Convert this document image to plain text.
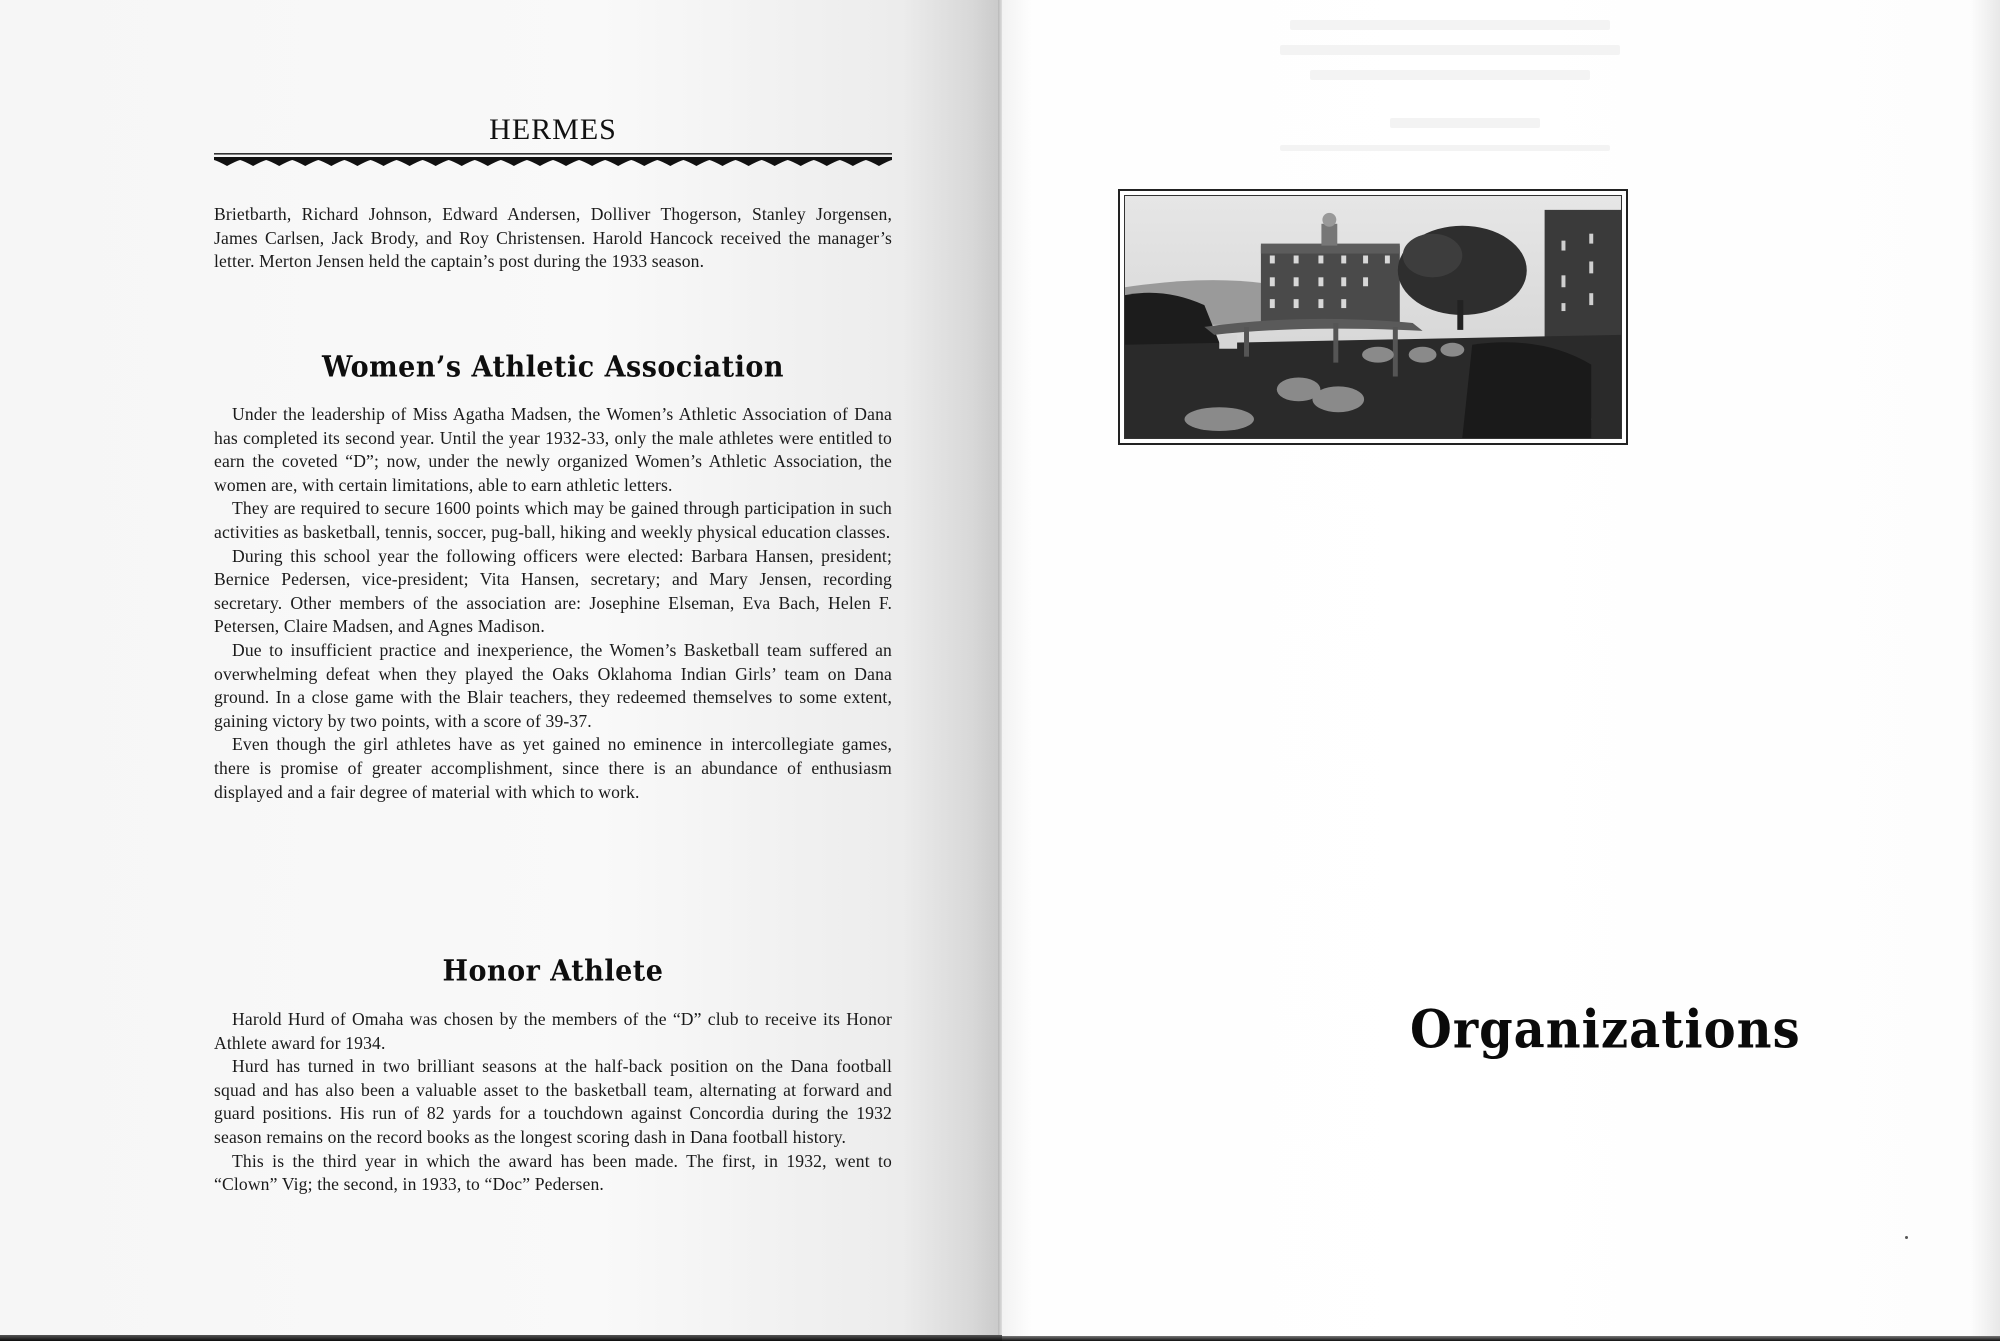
HERMES

Brietbarth, Richard Johnson, Edward Andersen, Dolliver Thogerson, Stanley Jorgensen, James Carlsen, Jack Brody, and Roy Christensen. Harold Hancock received the manager’s letter. Merton Jensen held the captain’s post during the 1933 season.

Women’s Athletic Association

Under the leadership of Miss Agatha Madsen, the Women’s Athletic Association of Dana has completed its second year. Until the year 1932-33, only the male athletes were entitled to earn the coveted “D”; now, under the newly organized Women’s Athletic Association, the women are, with certain limitations, able to earn athletic letters.

They are required to secure 1600 points which may be gained through participation in such activities as basketball, tennis, soccer, pug-ball, hiking and weekly physical education classes.

During this school year the following officers were elected: Barbara Hansen, president; Bernice Pedersen, vice-president; Vita Hansen, secretary; and Mary Jensen, recording secretary. Other members of the association are: Josephine Elseman, Eva Bach, Helen F. Petersen, Claire Madsen, and Agnes Madison.

Due to insufficient practice and inexperience, the Women’s Basketball team suffered an overwhelming defeat when they played the Oaks Oklahoma Indian Girls’ team on Dana ground. In a close game with the Blair teachers, they redeemed themselves to some extent, gaining victory by two points, with a score of 39-37.

Even though the girl athletes have as yet gained no eminence in intercollegiate games, there is promise of greater accomplishment, since there is an abundance of enthusiasm displayed and a fair degree of material with which to work.

Honor Athlete

Harold Hurd of Omaha was chosen by the members of the “D” club to receive its Honor Athlete award for 1934.

Hurd has turned in two brilliant seasons at the half-back position on the Dana football squad and has also been a valuable asset to the basketball team, alternating at forward and guard positions. His run of 82 yards for a touchdown against Concordia during the 1932 season remains on the record books as the longest scoring dash in Dana football history.

This is the third year in which the award has been made. The first, in 1932, went to “Clown” Vig; the second, in 1933, to “Doc” Pedersen.

Organizations
